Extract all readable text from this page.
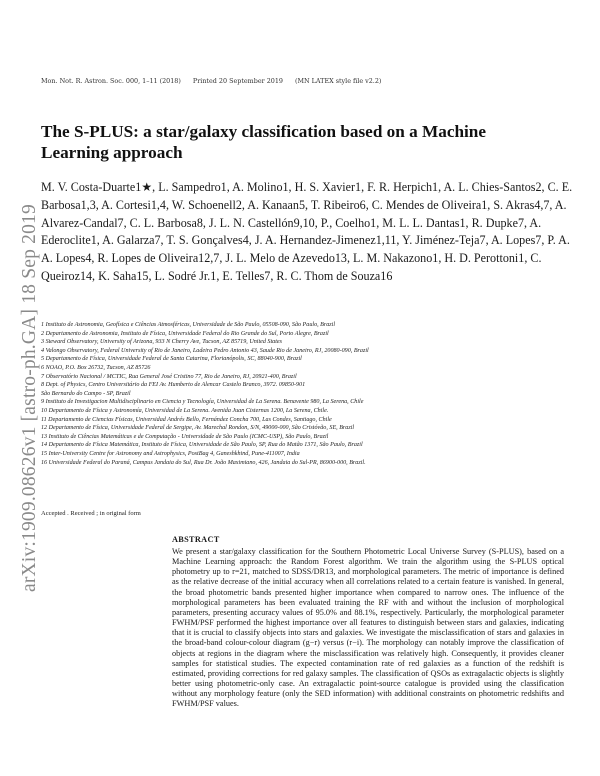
arXiv:1909.08626v1 [astro-ph.GA] 18 Sep 2019
Mon. Not. R. Astron. Soc. 000, 1–11 (2018) Printed 20 September 2019 (MN LATEX style file v2.2)
The S-PLUS: a star/galaxy classification based on a Machine Learning approach
M. V. Costa-Duarte1★, L. Sampedro1, A. Molino1, H. S. Xavier1, F. R. Herpich1, A. L. Chies-Santos2, C. E. Barbosa1,3, A. Cortesi1,4, W. Schoenell2, A. Kanaan5, T. Ribeiro6, C. Mendes de Oliveira1, S. Akras4,7, A. Alvarez-Candal7, C. L. Barbosa8, J. L. N. Castellón9,10, P., Coelho1, M. L. L. Dantas1, R. Dupke7, A. Ederoclite1, A. Galarza7, T. S. Gonçalves4, J. A. Hernandez-Jimenez1,11, Y. Jiménez-Teja7, A. Lopes7, P. A. A. Lopes4, R. Lopes de Oliveira12,7, J. L. Melo de Azevedo13, L. M. Nakazono1, H. D. Perottoni1, C. Queiroz14, K. Saha15, L. Sodré Jr.1, E. Telles7, R. C. Thom de Souza16
1 Instituto de Astronomia, Geofísica e Ciências Atmosféricas, Universidade de São Paulo, 05508-090, São Paulo, Brazil
2 Departamento de Astronomia, Instituto de Física, Universidade Federal do Rio Grande do Sul, Porto Alegre, Brazil
3 Steward Observatory, University of Arizona, 933 N Cherry Ave, Tucson, AZ 85719, United States
4 Valongo Observatory, Federal University of Rio de Janeiro, Ladeira Pedro Antonio 43, Saude Rio de Janeiro, RJ, 20080-090, Brazil
5 Departamento de Física, Universidade Federal de Santa Catarina, Florianópolis, SC, 88040-900, Brazil
6 NOAO, P.O. Box 26732, Tucson, AZ 85726
7 Observatório Nacional / MCTIC, Rua General José Cristino 77, Rio de Janeiro, RJ, 20921-400, Brazil
8 Dept. of Physics, Centro Universitário da FEI Av. Humberto de Alencar Castelo Branco, 3972. 09850-901
São Bernardo do Campo - SP, Brazil
9 Instituto de Investigacion Multidisciplinario en Ciencia y Tecnología, Universidad de La Serena. Benavente 980, La Serena, Chile
10 Departamento de Física y Astronomía, Universidad de La Serena. Avenida Juan Cisternas 1200, La Serena, Chile.
11 Departamento de Ciencias Físicas, Universidad Andrés Bello, Fernández Concha 700, Las Condes, Santiago, Chile
12 Departamento de Física, Universidade Federal de Sergipe, Av. Marechal Rondon, S/N, 49000-000, São Cristóvão, SE, Brazil
13 Instituto de Ciências Matemáticas e de Computação - Universidade de São Paulo (ICMC-USP), São Paulo, Brazil
14 Departamento de Física Matemática, Instituto de Física, Universidade de São Paulo, SP, Rua do Matão 1371, São Paulo, Brazil
15 Inter-University Centre for Astronomy and Astrophysics, PostBag 4, Ganeshkhind, Pune-411007, India
16 Universidade Federal do Paraná, Campus Jandaia do Sul, Rua Dr. João Maximiano, 426, Jandaia do Sul-PR, 86900-000, Brazil.
Accepted . Received ; in original form
ABSTRACT
We present a star/galaxy classification for the Southern Photometric Local Universe Survey (S-PLUS), based on a Machine Learning approach: the Random Forest algorithm. We train the algorithm using the S-PLUS optical photometry up to r=21, matched to SDSS/DR13, and morphological parameters. The metric of importance is defined as the relative decrease of the initial accuracy when all correlations related to a certain feature is vanished. In general, the broad photometric bands presented higher importance when compared to narrow ones. The influence of the morphological parameters has been evaluated training the RF with and without the inclusion of morphological parameters, presenting accuracy values of 95.0% and 88.1%, respectively. Particularly, the morphological parameter FWHM/PSF performed the highest importance over all features to distinguish between stars and galaxies, indicating that it is crucial to classify objects into stars and galaxies. We investigate the misclassification of stars and galaxies in the broad-band colour-colour diagram (g−r) versus (r−i). The morphology can notably improve the classification of objects at regions in the diagram where the misclassification was relatively high. Consequently, it provides cleaner samples for statistical studies. The expected contamination rate of red galaxies as a function of the redshift is estimated, providing corrections for red galaxy samples. The classification of QSOs as extragalactic objects is slightly better using photometric-only case. An extragalactic point-source catalogue is provided using the classification without any morphology feature (only the SED information) with additional constraints on photometric redshifts and FWHM/PSF values.
